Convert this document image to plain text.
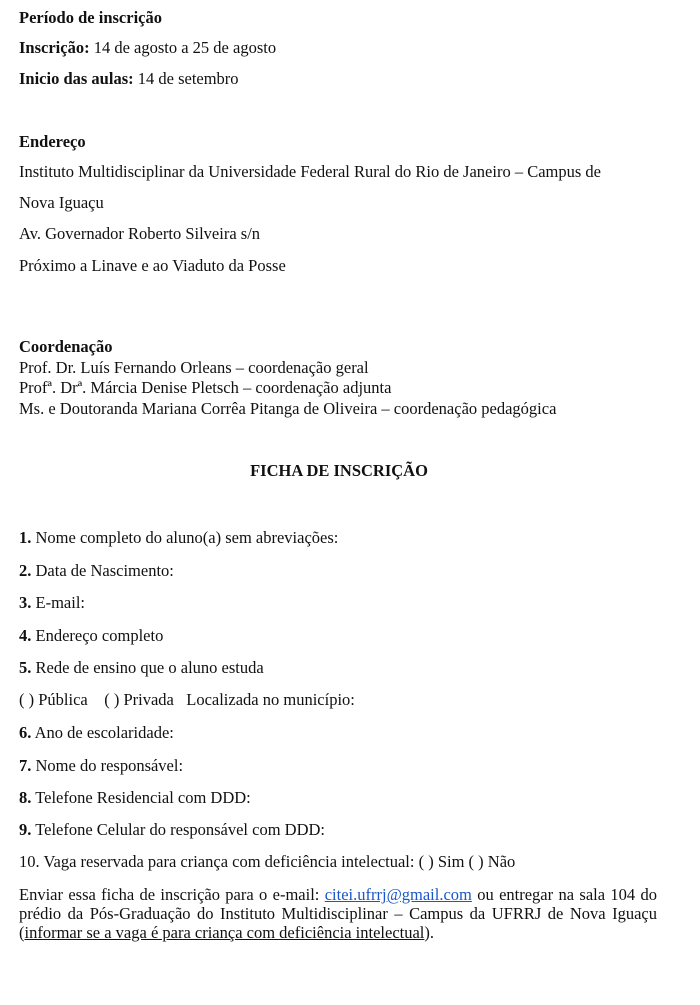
Período de inscrição
Inscrição: 14 de agosto a 25 de agosto
Inicio das aulas: 14 de setembro
Endereço
Instituto Multidisciplinar da Universidade Federal Rural do Rio de Janeiro – Campus de
Nova Iguaçu
Av. Governador Roberto Silveira s/n
Próximo a Linave e ao Viaduto da Posse
Coordenação
Prof. Dr. Luís Fernando Orleans – coordenação geral
Profª. Drª. Márcia Denise Pletsch – coordenação adjunta
Ms. e Doutoranda Mariana Corrêa Pitanga de Oliveira – coordenação pedagógica
FICHA DE INSCRIÇÃO
1. Nome completo do aluno(a) sem abreviações:
2. Data de Nascimento:
3. E-mail:
4. Endereço completo
5. Rede de ensino que o aluno estuda
( ) Pública    ( ) Privada   Localizada no município:
6. Ano de escolaridade:
7. Nome do responsável:
8. Telefone Residencial com DDD:
9. Telefone Celular do responsável com DDD:
10. Vaga reservada para criança com deficiência intelectual: ( ) Sim ( ) Não
Enviar essa ficha de inscrição para o e-mail: citei.ufrrj@gmail.com ou entregar na sala 104 do prédio da Pós-Graduação do Instituto Multidisciplinar – Campus da UFRRJ de Nova Iguaçu (informar se a vaga é para criança com deficiência intelectual).
